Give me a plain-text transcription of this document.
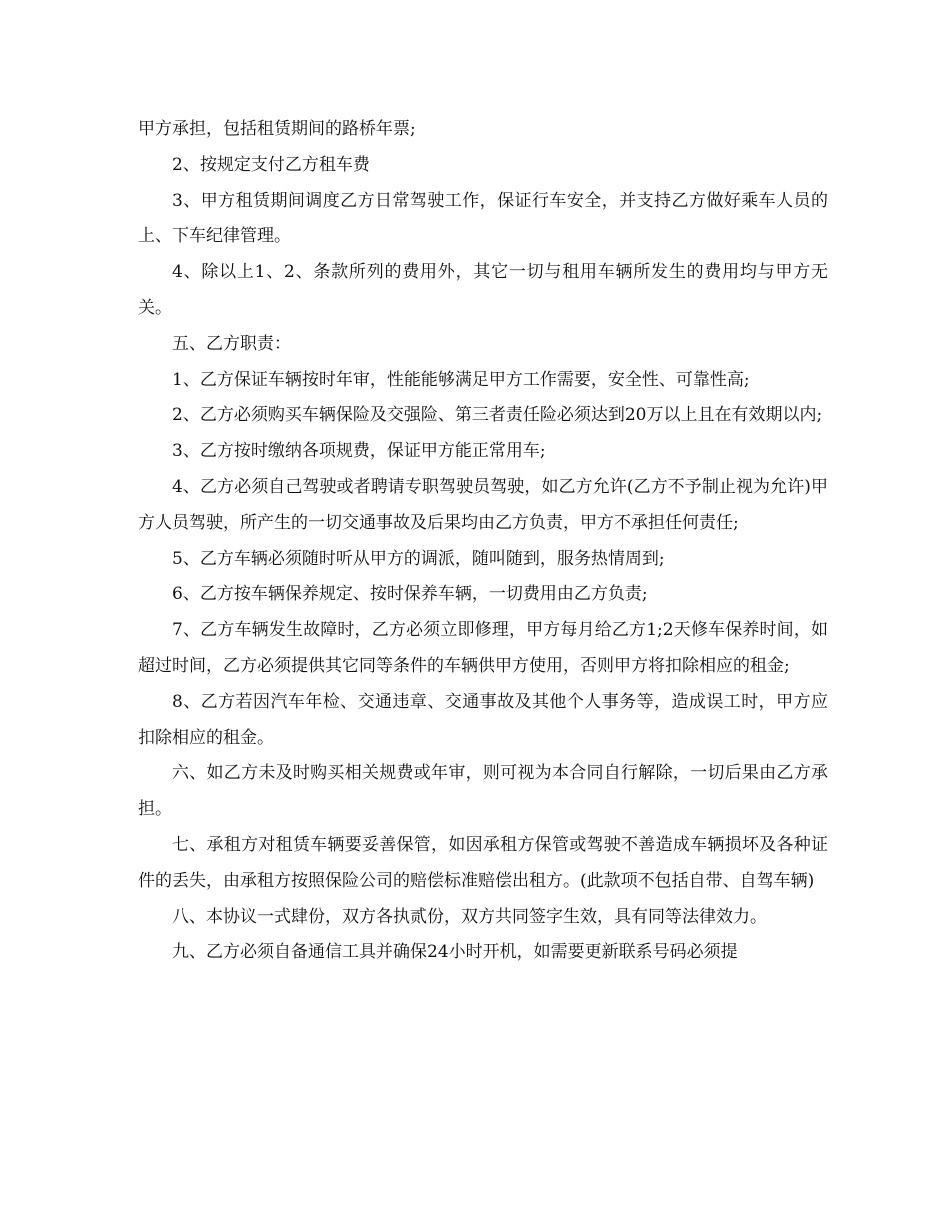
甲方承担，包括租赁期间的路桥年票;

2、按规定支付乙方租车费

3、甲方租赁期间调度乙方日常驾驶工作，保证行车安全，并支持乙方做好乘车人员的上、下车纪律管理。

4、除以上1、2、条款所列的费用外，其它一切与租用车辆所发生的费用均与甲方无关。

五、乙方职责：

1、乙方保证车辆按时年审，性能能够满足甲方工作需要，安全性、可靠性高;

2、乙方必须购买车辆保险及交强险、第三者责任险必须达到20万以上且在有效期以内;

3、乙方按时缴纳各项规费，保证甲方能正常用车;

4、乙方必须自己驾驶或者聘请专职驾驶员驾驶，如乙方允许(乙方不予制止视为允许)甲方人员驾驶，所产生的一切交通事故及后果均由乙方负责，甲方不承担任何责任;

5、乙方车辆必须随时听从甲方的调派，随叫随到，服务热情周到;

6、乙方按车辆保养规定、按时保养车辆，一切费用由乙方负责;

7、乙方车辆发生故障时，乙方必须立即修理，甲方每月给乙方1;2天修车保养时间，如超过时间，乙方必须提供其它同等条件的车辆供甲方使用，否则甲方将扣除相应的租金;

8、乙方若因汽车年检、交通违章、交通事故及其他个人事务等，造成误工时，甲方应扣除相应的租金。

六、如乙方未及时购买相关规费或年审，则可视为本合同自行解除，一切后果由乙方承担。

七、承租方对租赁车辆要妥善保管，如因承租方保管或驾驶不善造成车辆损坏及各种证件的丢失，由承租方按照保险公司的赔偿标准赔偿出租方。(此款项不包括自带、自驾车辆)

八、本协议一式肆份，双方各执贰份，双方共同签字生效，具有同等法律效力。

九、乙方必须自备通信工具并确保24小时开机，如需要更新联系号码必须提
